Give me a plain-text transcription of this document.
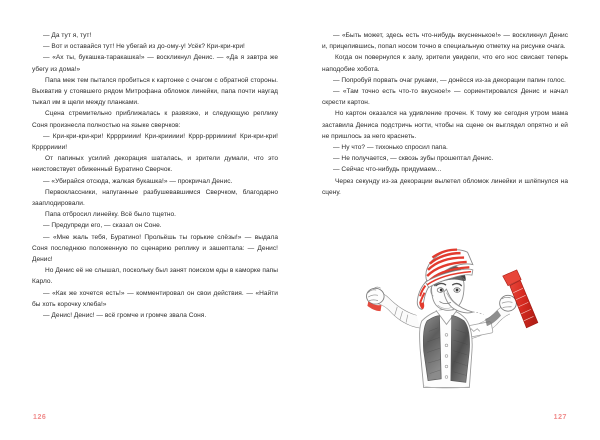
— Да тут я, тут!

— Вот и оставайся тут! Не убегай из до-ому-у! Усёк? Кри-кри-кри!

— «Ах ты, букашка-таракашка!» — воскликнул Денис. — «Да я завтра же убегу из дома!»

Папа меж тем пытался пробиться к картонке с очагом с обратной стороны. Выхватив у стоявшего рядом Митрофана обломок линейки, папа почти наугад тыкал им в щели между планками.

Сцена стремительно приближалась к развязке, и следующую реплику Соня произнесла полностью на языке сверчков:

— Кри-кри-кри-кри! Кррррииии! Кри-криииии! Кррр-ррриииии! Кри-кри-кри! Кррррииии!

От папиных усилий декорация шаталась, и зрители думали, что это неистовствует обиженный Буратино Сверчок.

— «Убирайся отсюда, жалкая букашка!» — прокричал Денис.

Первоклассники, напуганные разбушевавшимся Сверчком, благодарно зааплодировали.

Папа отбросил линейку. Всё было тщетно.

— Предупреди его, — сказал он Соне.

— «Мне жаль тебя, Буратино! Прольёшь ты горькие слёзы!» — выдала Соня последнюю положенную по сценарию реплику и зашептала: — Денис! Денис!

Но Денис её не слышал, поскольку был занят поиском еды в каморке папы Карло.

— «Как же хочется есть!» — комментировал он свои действия. — «Найти бы хоть корочку хлеба!»

— Денис! Денис! — всё громче и громче звала Соня.

126

— «Быть может, здесь есть что-нибудь вкусненькое!» — воскликнул Денис и, прицелившись, попал носом точно в специальную отметку на рисунке очага.

Когда он повернулся к залу, зрители увидели, что его нос свисает теперь наподобие хобота.

— Попробуй порвать очаг руками, — донёсся из-за декорации папин голос.

— «Там точно есть что-то вкусное!» — сориентировался Денис и начал скрести картон.

Но картон оказался на удивление прочен. К тому же сегодня утром мама заставила Дениса подстричь ногти, чтобы на сцене он выглядел опрятно и ей не пришлось за него краснеть.

— Ну что? — тихонько спросил папа.

— Не получается, — сквозь зубы прошептал Денис.

— Сейчас что-нибудь придумаем...

Через секунду из-за декорации вылетел обломок линейки и шлёпнулся на сцену.

127
